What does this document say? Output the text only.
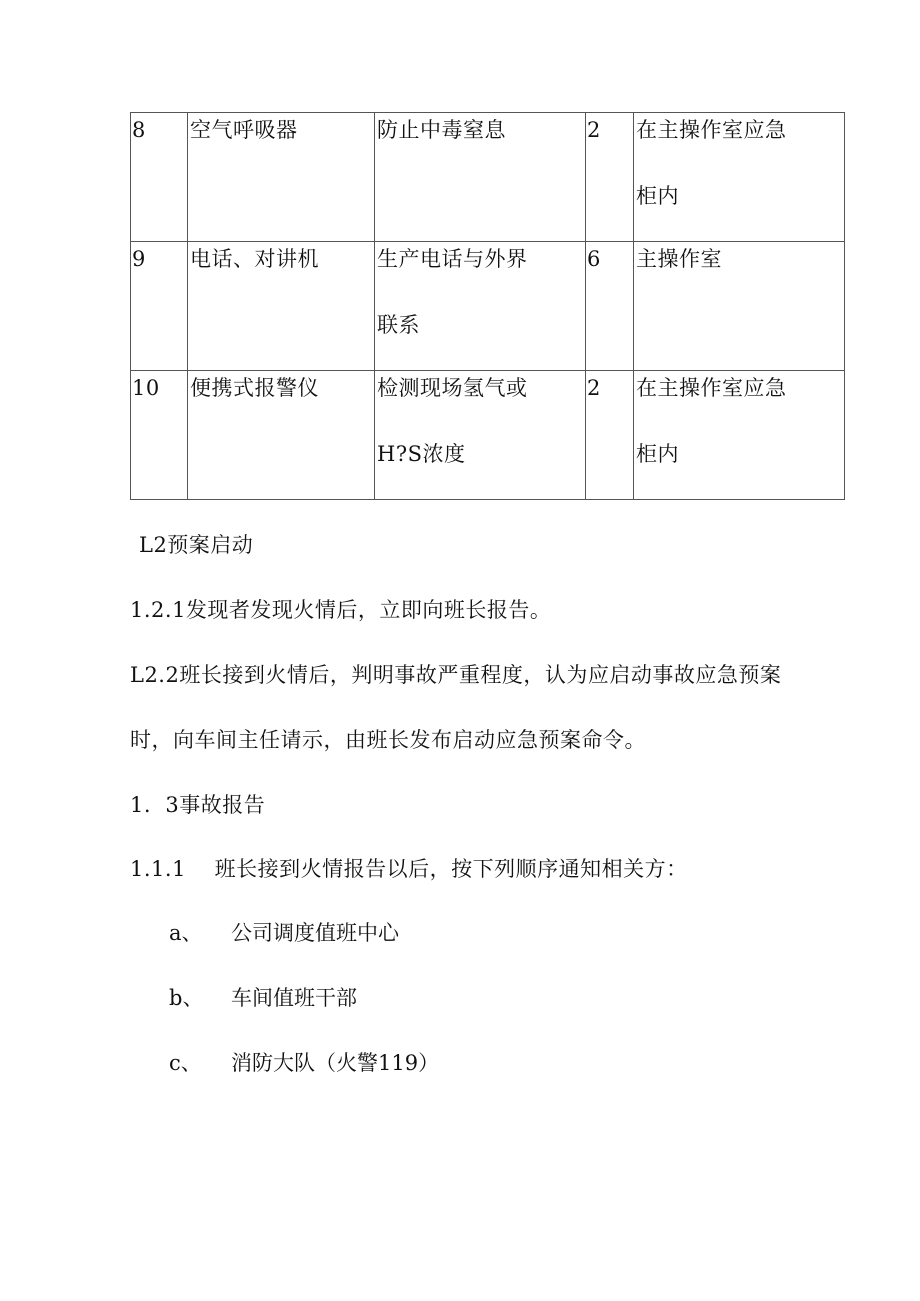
8	空气呼吸器	防止中毒窒息	2	在主操作室应急柜内

9	电话、对讲机	生产电话与外界联系	6	主操作室

10	便携式报警仪	检测现场氢气或H?S浓度	2	在主操作室应急柜内
L2预案启动
1.2.1发现者发现火情后，立即向班长报告。
L2.2班长接到火情后，判明事故严重程度，认为应启动事故应急预案
时，向车间主任请示，由班长发布启动应急预案命令。
1.  3事故报告
1.1.1    班长接到火情报告以后，按下列顺序通知相关方：
a、 公司调度值班中心
b、 车间值班干部
c、 消防大队（火警119）
